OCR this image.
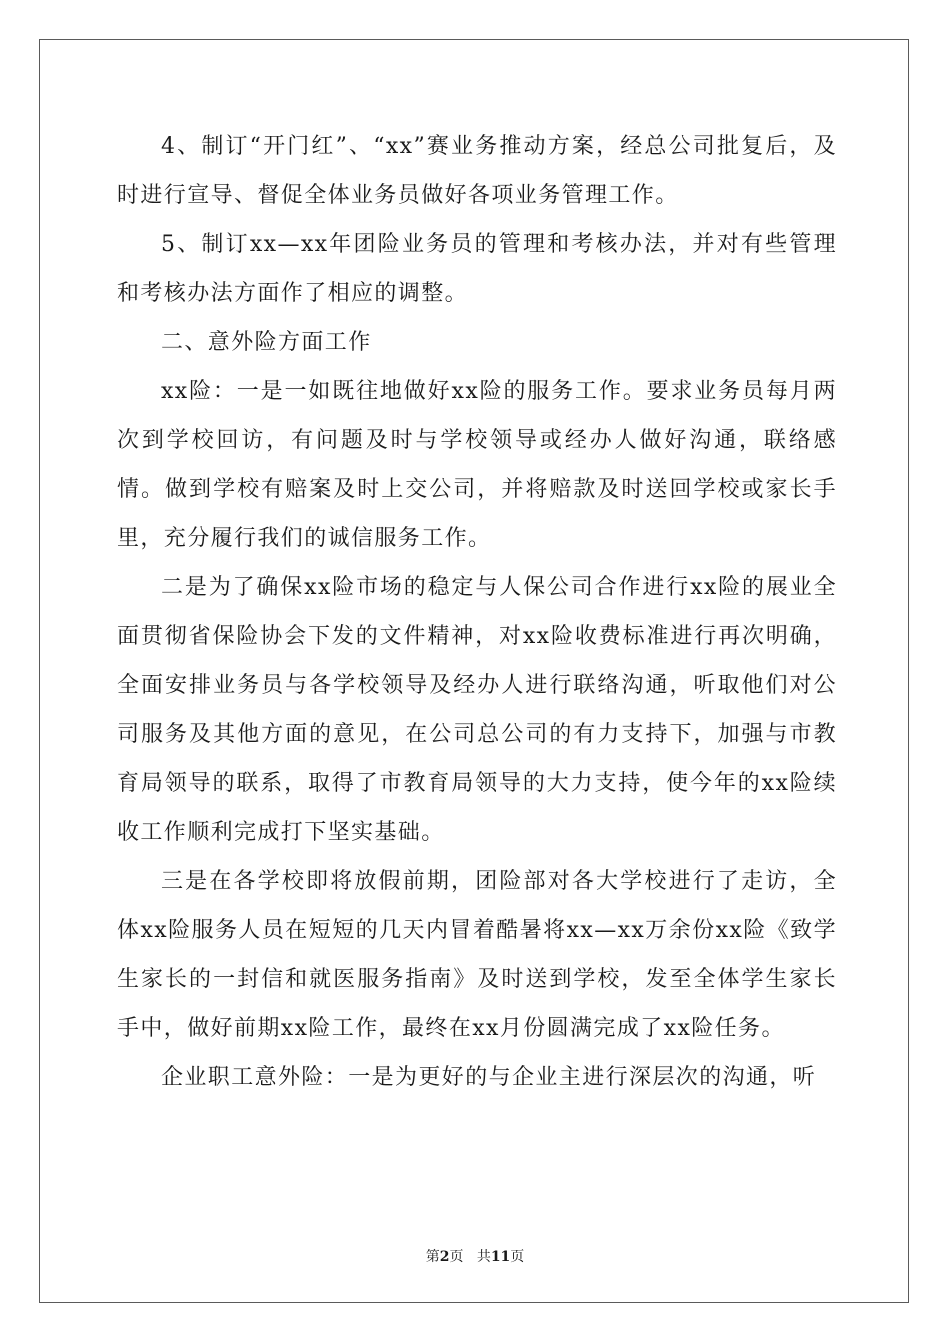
4、制订“开门红”、“xx”赛业务推动方案，经总公司批复后，及时进行宣导、督促全体业务员做好各项业务管理工作。

5、制订xx—xx年团险业务员的管理和考核办法，并对有些管理和考核办法方面作了相应的调整。

二、意外险方面工作

xx险：一是一如既往地做好xx险的服务工作。要求业务员每月两次到学校回访，有问题及时与学校领导或经办人做好沟通，联络感情。做到学校有赔案及时上交公司，并将赔款及时送回学校或家长手里，充分履行我们的诚信服务工作。

二是为了确保xx险市场的稳定与人保公司合作进行xx险的展业全面贯彻省保险协会下发的文件精神，对xx险收费标准进行再次明确，全面安排业务员与各学校领导及经办人进行联络沟通，听取他们对公司服务及其他方面的意见，在公司总公司的有力支持下，加强与市教育局领导的联系，取得了市教育局领导的大力支持，使今年的xx险续收工作顺利完成打下坚实基础。

三是在各学校即将放假前期，团险部对各大学校进行了走访，全体xx险服务人员在短短的几天内冒着酷暑将xx—xx万余份xx险《致学生家长的一封信和就医服务指南》及时送到学校，发至全体学生家长手中，做好前期xx险工作，最终在xx月份圆满完成了xx险任务。

企业职工意外险：一是为更好的与企业主进行深层次的沟通，听

第2页 共11页
